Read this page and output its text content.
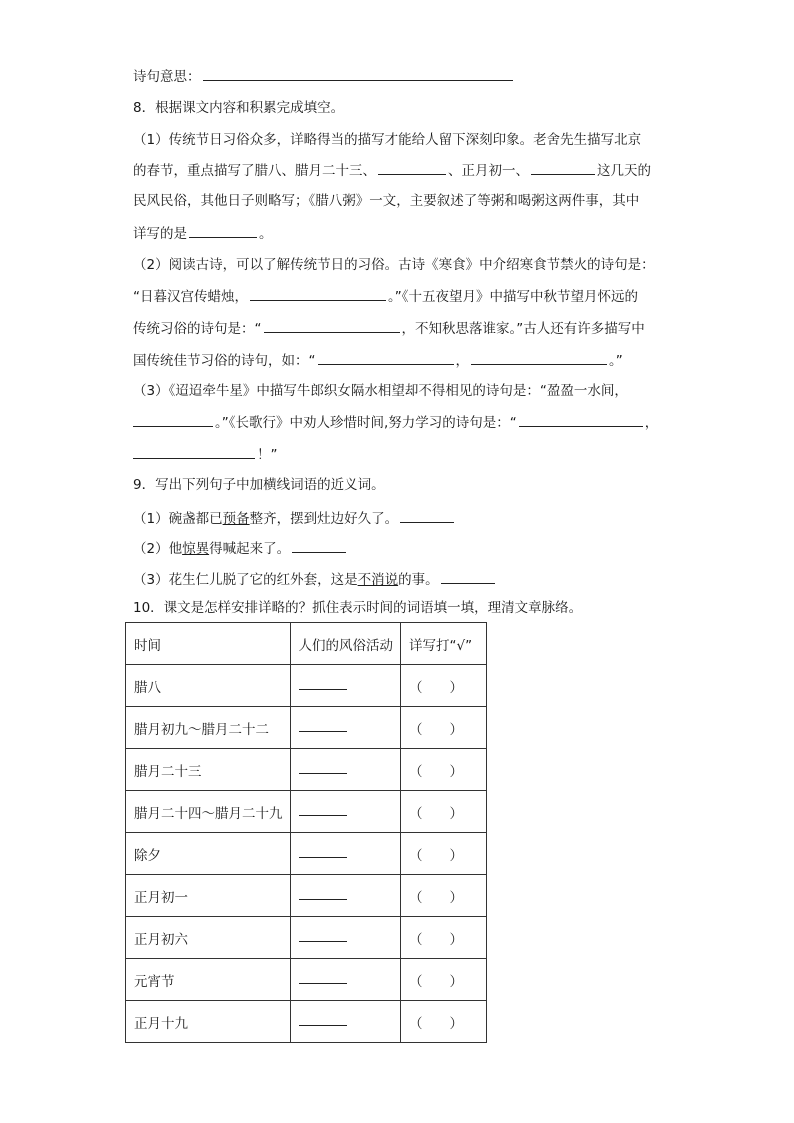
诗句意思：
8．根据课文内容和积累完成填空。
（1）传统节日习俗众多，详略得当的描写才能给人留下深刻印象。老舍先生描写北京
的春节，重点描写了腊八、腊月二十三、	、正月初一、	这几天的
民风民俗，其他日子则略写；《腊八粥》一文，主要叙述了等粥和喝粥这两件事，其中
详写的是	。
（2）阅读古诗，可以了解传统节日的习俗。古诗《寒食》中介绍寒食节禁火的诗句是：
“日暮汉宫传蜡烛，	。”《十五夜望月》中描写中秋节望月怀远的
传统习俗的诗句是：“	，不知秋思落谁家。”古人还有许多描写中
国传统佳节习俗的诗句，如：“	，	。”
（3）《迢迢牵牛星》中描写牛郎织女隔水相望却不得相见的诗句是：“盈盈一水间，
。”《长歌行》中劝人珍惜时间,努力学习的诗句是：“	，
！”
9．写出下列句子中加横线词语的近义词。
（1）碗盏都已预备整齐，摆到灶边好久了。
（2）他惊異得喊起来了。
（3）花生仁儿脱了它的红外套，这是不消说的事。
10．课文是怎样安排详略的？抓住表示时间的词语填一填，理清文章脉络。
时间	人们的风俗活动	详写打“√”
腊八		（　　）
腊月初九～腊月二十二		（　　）
腊月二十三		（　　）
腊月二十四～腊月二十九		（　　）
除夕		（　　）
正月初一		（　　）
正月初六		（　　）
元宵节		（　　）
正月十九		（　　）
